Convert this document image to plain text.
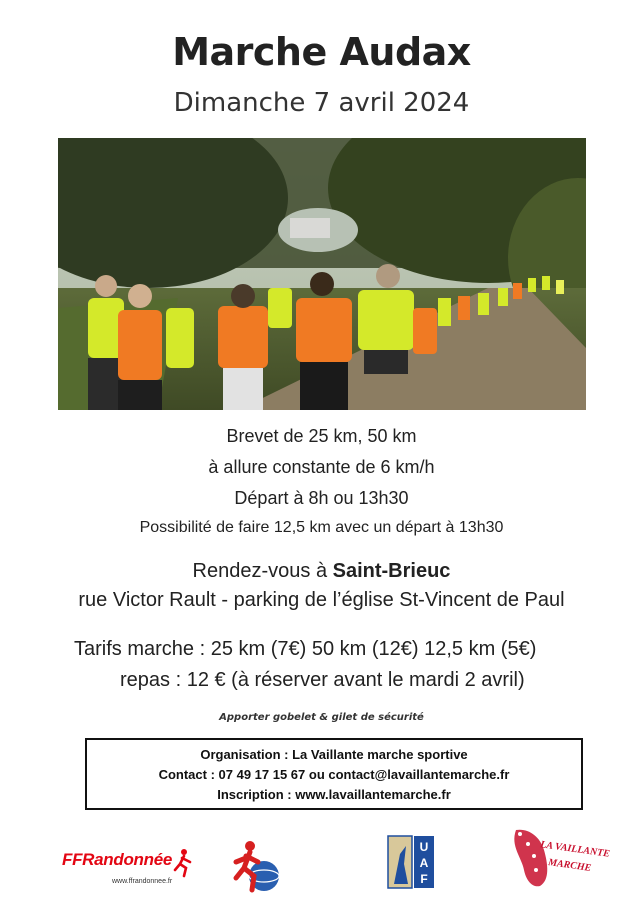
Marche Audax
Dimanche 7 avril 2024
Brevet de 25 km, 50 km
à allure constante de 6 km/h
Départ à 8h ou 13h30
Possibilité de faire 12,5 km avec un départ à 13h30
Rendez-vous à Saint-Brieuc
rue Victor Rault - parking de l’église St-Vincent de Paul
Tarifs marche : 25 km (7€) 50 km (12€) 12,5 km (5€)
repas : 12 € (à réserver avant le mardi 2 avril)
Apporter gobelet & gilet de sécurité
Organisation : La Vaillante marche sportive
Contact : 07 49 17 15 67 ou contact@lavaillantemarche.fr
Inscription : www.lavaillantemarche.fr
FFRandonnée
www.ffrandonnee.fr
U
A
F
LA VAILLANTE
MARCHE
